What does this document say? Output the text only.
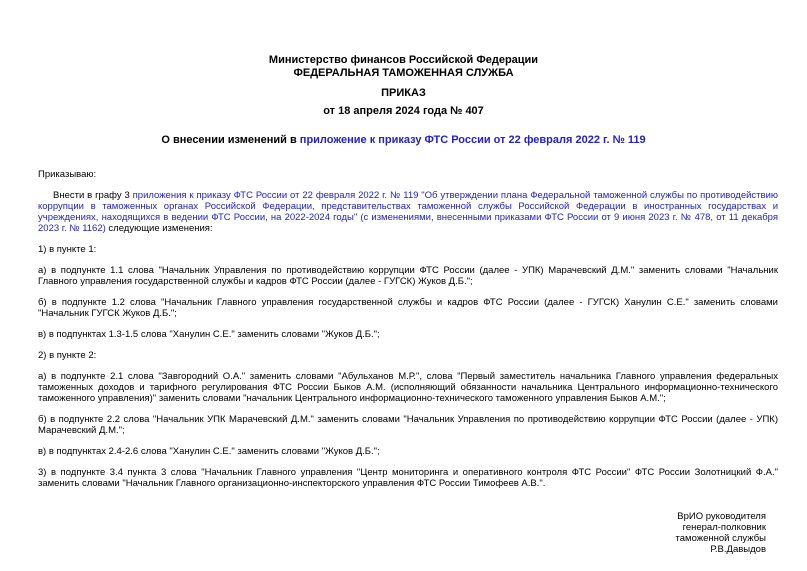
Министерство финансов Российской Федерации
ФЕДЕРАЛЬНАЯ ТАМОЖЕННАЯ СЛУЖБА
ПРИКАЗ
от 18 апреля 2024 года № 407
О внесении изменений в приложение к приказу ФТС России от 22 февраля 2022 г. № 119

Приказываю:

Внести в графу 3 приложения к приказу ФТС России от 22 февраля 2022 г. № 119 "Об утверждении плана Федеральной таможенной службы по противодействию коррупции в таможенных органах Российской Федерации, представительствах таможенной службы Российской Федерации в иностранных государствах и учреждениях, находящихся в ведении ФТС России, на 2022-2024 годы" (с изменениями, внесенными приказами ФТС России от 9 июня 2023 г. № 478, от 11 декабря 2023 г. № 1162) следующие изменения:

1) в пункте 1:

а) в подпункте 1.1 слова "Начальник Управления по противодействию коррупции ФТС России (далее - УПК) Марачевский Д.М." заменить словами "Начальник Главного управления государственной службы и кадров ФТС России (далее - ГУГСК) Жуков Д.Б.";

б) в подпункте 1.2 слова "Начальник Главного управления государственной службы и кадров ФТС России (далее - ГУГСК) Ханулин С.Е." заменить словами "Начальник ГУГСК Жуков Д.Б.";

в) в подпунктах 1.3-1.5 слова "Ханулин С.Е." заменить словами "Жуков Д.Б.";

2) в пункте 2:

а) в подпункте 2.1 слова "Завгородний О.А." заменить словами "Абульханов М.Р.", слова "Первый заместитель начальника Главного управления федеральных таможенных доходов и тарифного регулирования ФТС России Быков А.М. (исполняющий обязанности начальника Центрального информационно-технического таможенного управления)" заменить словами "начальник Центрального информационно-технического таможенного управления Быков А.М.";

б) в подпункте 2.2 слова "Начальник УПК Марачевский Д.М." заменить словами "Начальник Управления по противодействию коррупции ФТС России (далее - УПК) Марачевский Д.М.";

в) в подпунктах 2.4-2.6 слова "Ханулин С.Е." заменить словами "Жуков Д.Б.";

3) в подпункте 3.4 пункта 3 слова "Начальник Главного управления "Центр мониторинга и оперативного контроля ФТС России" ФТС России Золотницкий Ф.А." заменить словами "Начальник Главного организационно-инспекторского управления ФТС России Тимофеев А.В.".

ВрИО руководителя
генерал-полковник
таможенной службы
Р.В.Давыдов
